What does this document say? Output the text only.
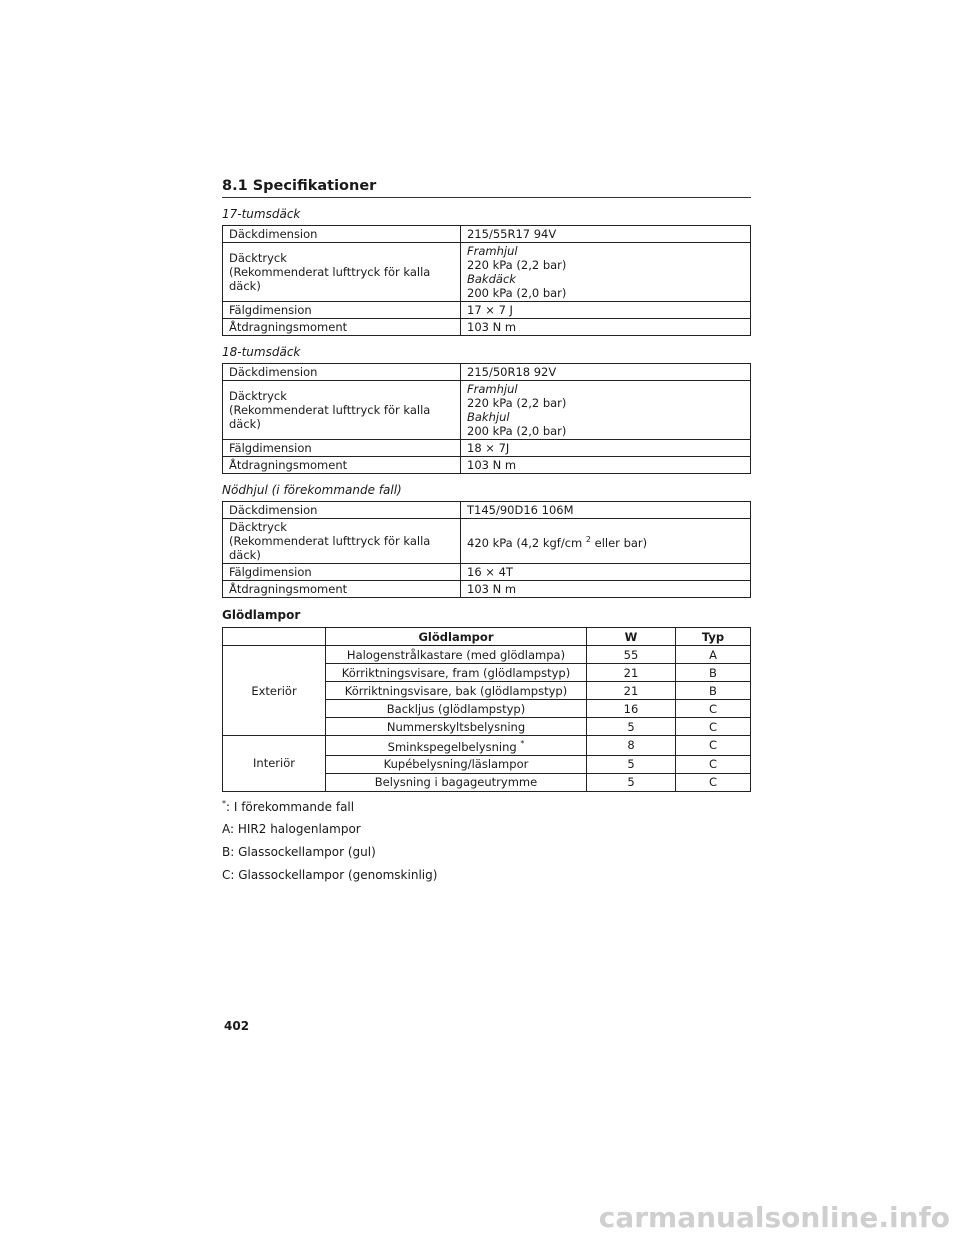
8.1 Specifikationer
17-tumsdäck
Däckdimension	215/55R17 94V

Däcktryck
(Rekommenderat lufttryck för kalla däck)	Framhjul
220 kPa (2,2 bar)
Bakdäck
200 kPa (2,0 bar)

Fälgdimension	17 × 7 J
Åtdragningsmoment	103 N m
18-tumsdäck
Däckdimension	215/50R18 92V

Däcktryck
(Rekommenderat lufttryck för kalla däck)	Framhjul
220 kPa (2,2 bar)
Bakhjul
200 kPa (2,0 bar)

Fälgdimension	18 × 7J
Åtdragningsmoment	103 N m
Nödhjul (i förekommande fall)
Däckdimension	T145/90D16 106M

Däcktryck
(Rekommenderat lufttryck för kalla däck)	420 kPa (4,2 kgf/cm $^2$ eller bar)
Fälgdimension	16 × 4T
Åtdragningsmoment	103 N m
Glödlampor
	Glödlampor	W	Typ
Exteriör	Halogenstrålkastare (med glödlampa)	55	A
	Körriktningsvisare, fram (glödlampstyp)	21	B
	Körriktningsvisare, bak (glödlampstyp)	21	B
	Backljus (glödlampstyp)	16	C
	Nummerskyltsbelysning	5	C
Interiör	Sminkspegelbelysning *	8	C
	Kupébelysning/läslampor	5	C
	Belysning i bagageutrymme	5	C
*: I förekommande fall
A: HIR2 halogenlampor
B: Glassockellampor (gul)
C: Glassockellampor (genomskinlig)
402
carmanualsonline.info
